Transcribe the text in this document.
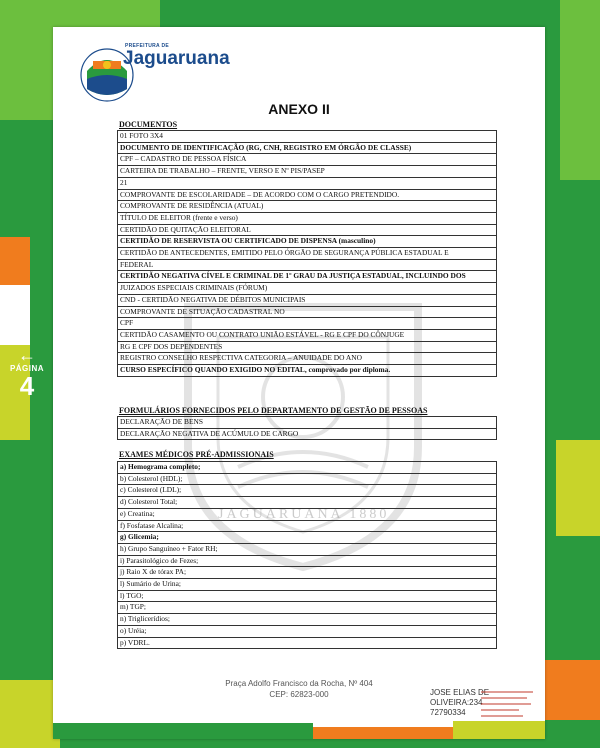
←
PÁGINA
4
PREFEITURA DE
Jaguaruana
ANEXO II
JAGUARUANA 1880
DOCUMENTOS
01 FOTO 3X4
DOCUMENTO DE IDENTIFICAÇÃO (RG, CNH, REGISTRO EM ÓRGÃO DE CLASSE)
CPF – CADASTRO DE PESSOA FÍSICA
CARTEIRA DE TRABALHO – FRENTE, VERSO E Nº PIS/PASEP
21
COMPROVANTE DE ESCOLARIDADE – DE ACORDO COM O CARGO PRETENDIDO.
COMPROVANTE DE RESIDÊNCIA (ATUAL)
TÍTULO DE ELEITOR (frente e verso)
CERTIDÃO DE QUITAÇÃO ELEITORAL
CERTIDÃO DE RESERVISTA OU CERTIFICADO DE DISPENSA (masculino)
CERTIDÃO DE ANTECEDENTES, EMITIDO PELO ÓRGÃO DE SEGURANÇA PÚBLICA ESTADUAL E
FEDERAL
CERTIDÃO NEGATIVA CÍVEL E CRIMINAL DE 1º GRAU DA JUSTIÇA ESTADUAL, INCLUINDO DOS
JUIZADOS ESPECIAIS CRIMINAIS (FÓRUM)
CND - CERTIDÃO NEGATIVA DE DÉBITOS MUNICIPAIS
COMPROVANTE DE SITUAÇÃO CADASTRAL NO
CPF
CERTIDÃO CASAMENTO OU CONTRATO UNIÃO ESTÁVEL - RG E CPF DO CÔNJUGE
RG E CPF DOS DEPENDENTES
REGISTRO CONSELHO RESPECTIVA CATEGORIA – ANUIDADE DO ANO
CURSO ESPECÍFICO QUANDO EXIGIDO NO EDITAL, comprovado por diploma.
FORMULÁRIOS FORNECIDOS PELO DEPARTAMENTO DE GESTÃO DE PESSOAS
DECLARAÇÃO DE BENS
DECLARAÇÃO NEGATIVA DE ACÚMULO DE CARGO
EXAMES MÉDICOS PRÉ-ADMISSIONAIS
a) Hemograma completo;
b) Colesterol (HDL);
c) Colesterol (LDL);
d) Colesterol Total;
e) Creatina;
f) Fosfatase Alcalina;
g) Glicemia;
h) Grupo Sanguíneo + Fator RH;
i) Parasitológico de Fezes;
j) Raio X de tórax PA;
l) Sumário de Urina;
l) TGO;
m) TGP;
n) Triglicerídios;
o) Uréia;
p) VDRL.
Praça Adolfo Francisco da Rocha, Nº 404
CEP: 62823-000	JOSE ELIAS DE
OLIVEIRA:234
72790334
